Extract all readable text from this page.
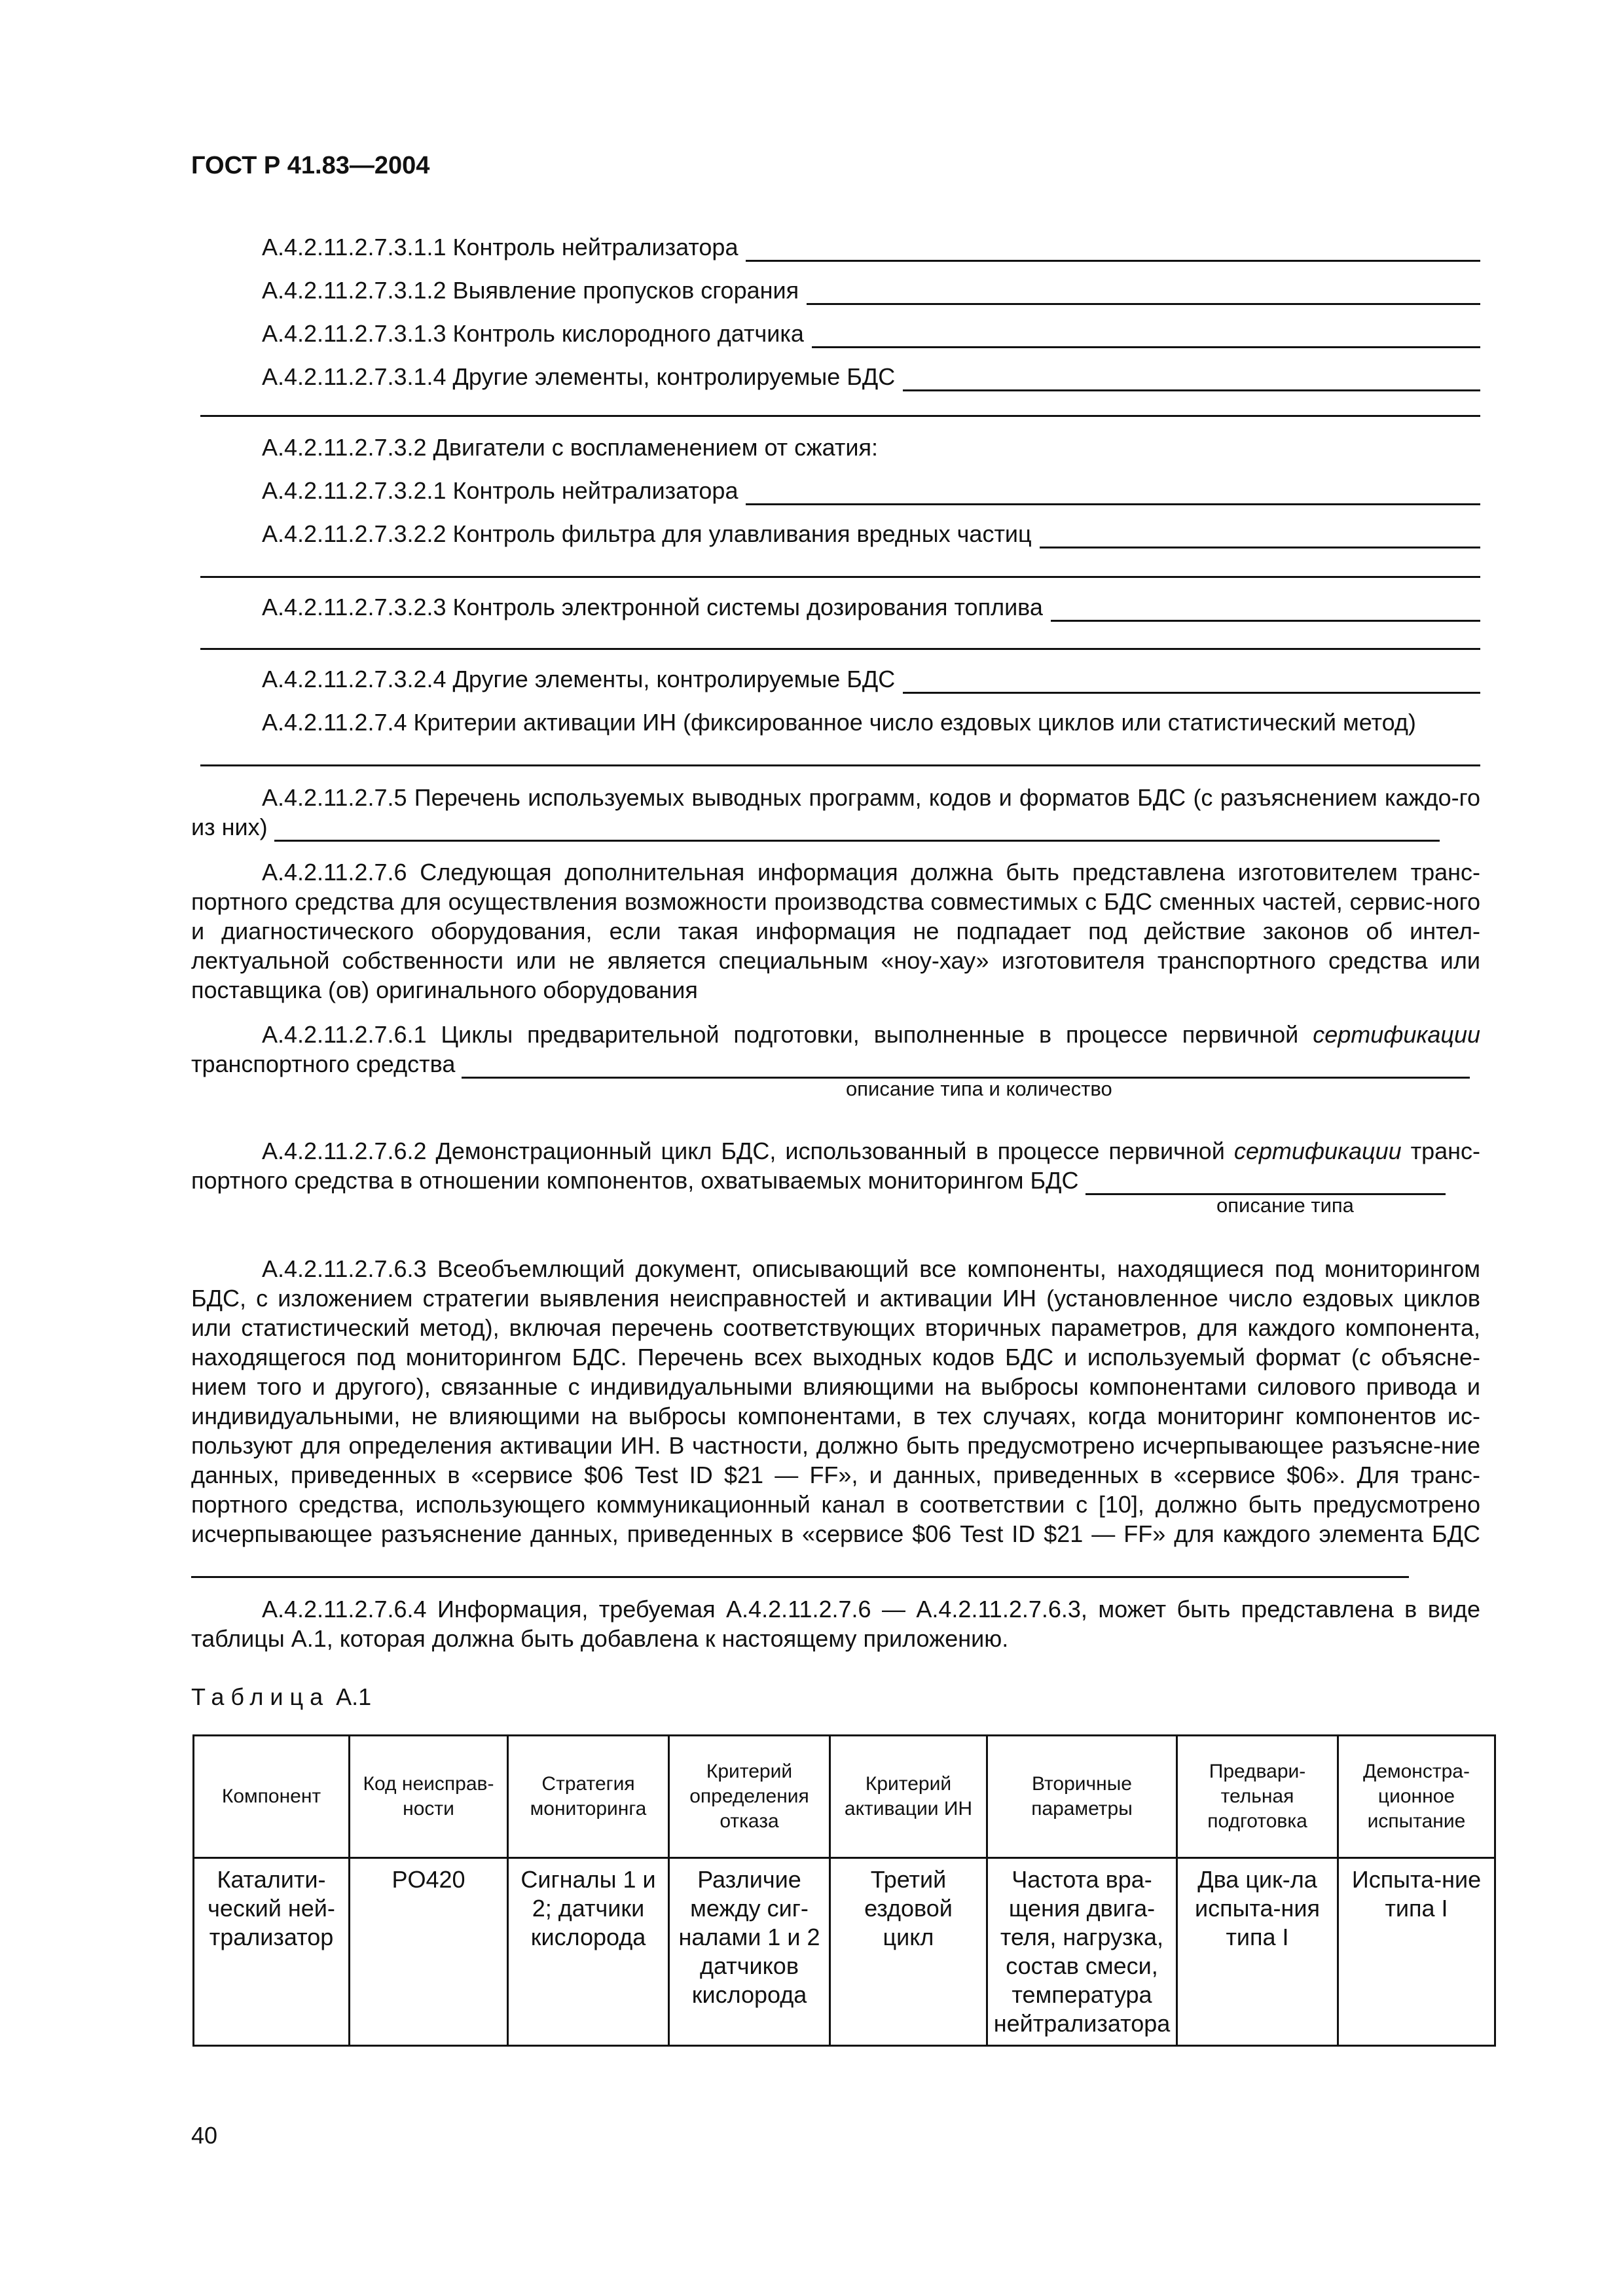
ГОСТ Р 41.83—2004
А.4.2.11.2.7.3.1.1 Контроль нейтрализатора
А.4.2.11.2.7.3.1.2 Выявление пропусков сгорания
А.4.2.11.2.7.3.1.3 Контроль кислородного датчика
А.4.2.11.2.7.3.1.4 Другие элементы, контролируемые БДС
А.4.2.11.2.7.3.2 Двигатели с воспламенением от сжатия:
А.4.2.11.2.7.3.2.1 Контроль нейтрализатора
А.4.2.11.2.7.3.2.2 Контроль фильтра для улавливания вредных частиц
А.4.2.11.2.7.3.2.3 Контроль электронной системы дозирования топлива
А.4.2.11.2.7.3.2.4 Другие элементы, контролируемые БДС
А.4.2.11.2.7.4 Критерии активации ИН (фиксированное число ездовых циклов или статистический метод)
А.4.2.11.2.7.5 Перечень используемых выводных программ, кодов и форматов БДС (с разъяснением каждо-го из них)
А.4.2.11.2.7.6 Следующая дополнительная информация должна быть представлена изготовителем транс-портного средства для осуществления возможности производства совместимых с БДС сменных частей, сервис-ного и диагностического оборудования, если такая информация не подпадает под действие законов об интел-лектуальной собственности или не является специальным «ноу-хау» изготовителя транспортного средства или поставщика (ов) оригинального оборудования
А.4.2.11.2.7.6.1 Циклы предварительной подготовки, выполненные в процессе первичной сертификации транспортного средства
описание типа и количество
А.4.2.11.2.7.6.2 Демонстрационный цикл БДС, использованный в процессе первичной сертификации транс-портного средства в отношении компонентов, охватываемых мониторингом БДС
описание типа
А.4.2.11.2.7.6.3 Всеобъемлющий документ, описывающий все компоненты, находящиеся под мониторингом БДС, с изложением стратегии выявления неисправностей и активации ИН (установленное число ездовых циклов или статистический метод), включая перечень соответствующих вторичных параметров, для каждого компонента, находящегося под мониторингом БДС. Перечень всех выходных кодов БДС и используемый формат (с объясне-нием того и другого), связанные с индивидуальными влияющими на выбросы компонентами силового привода и индивидуальными, не влияющими на выбросы компонентами, в тех случаях, когда мониторинг компонентов ис-пользуют для определения активации ИН. В частности, должно быть предусмотрено исчерпывающее разъясне-ние данных, приведенных в «сервисе $06 Test ID $21 — FF», и данных, приведенных в «сервисе $06». Для транс-портного средства, использующего коммуникационный канал в соответствии с [10], должно быть предусмотрено исчерпывающее разъяснение данных, приведенных в «сервисе $06 Test ID $21 — FF» для каждого элемента БДС
А.4.2.11.2.7.6.4 Информация, требуемая А.4.2.11.2.7.6 — А.4.2.11.2.7.6.3, может быть представлена в виде таблицы А.1, которая должна быть добавлена к настоящему приложению.
Таблица А.1
Компонент	Код неисправ-ности	Стратегия мониторинга	Критерий определения отказа	Критерий активации ИН	Вторичные параметры	Предвари-тельная подготовка	Демонстра-ционное испытание
Каталити-ческий ней-трализатор	PO420	Сигналы 1 и 2; датчики кислорода	Различие между сиг-налами 1 и 2 датчиков кислорода	Третий ездовой цикл	Частота вра-щения двига-теля, нагрузка, состав смеси, температура нейтрализатора	Два цик-ла испыта-ния типа I	Испыта-ние типа I
40
